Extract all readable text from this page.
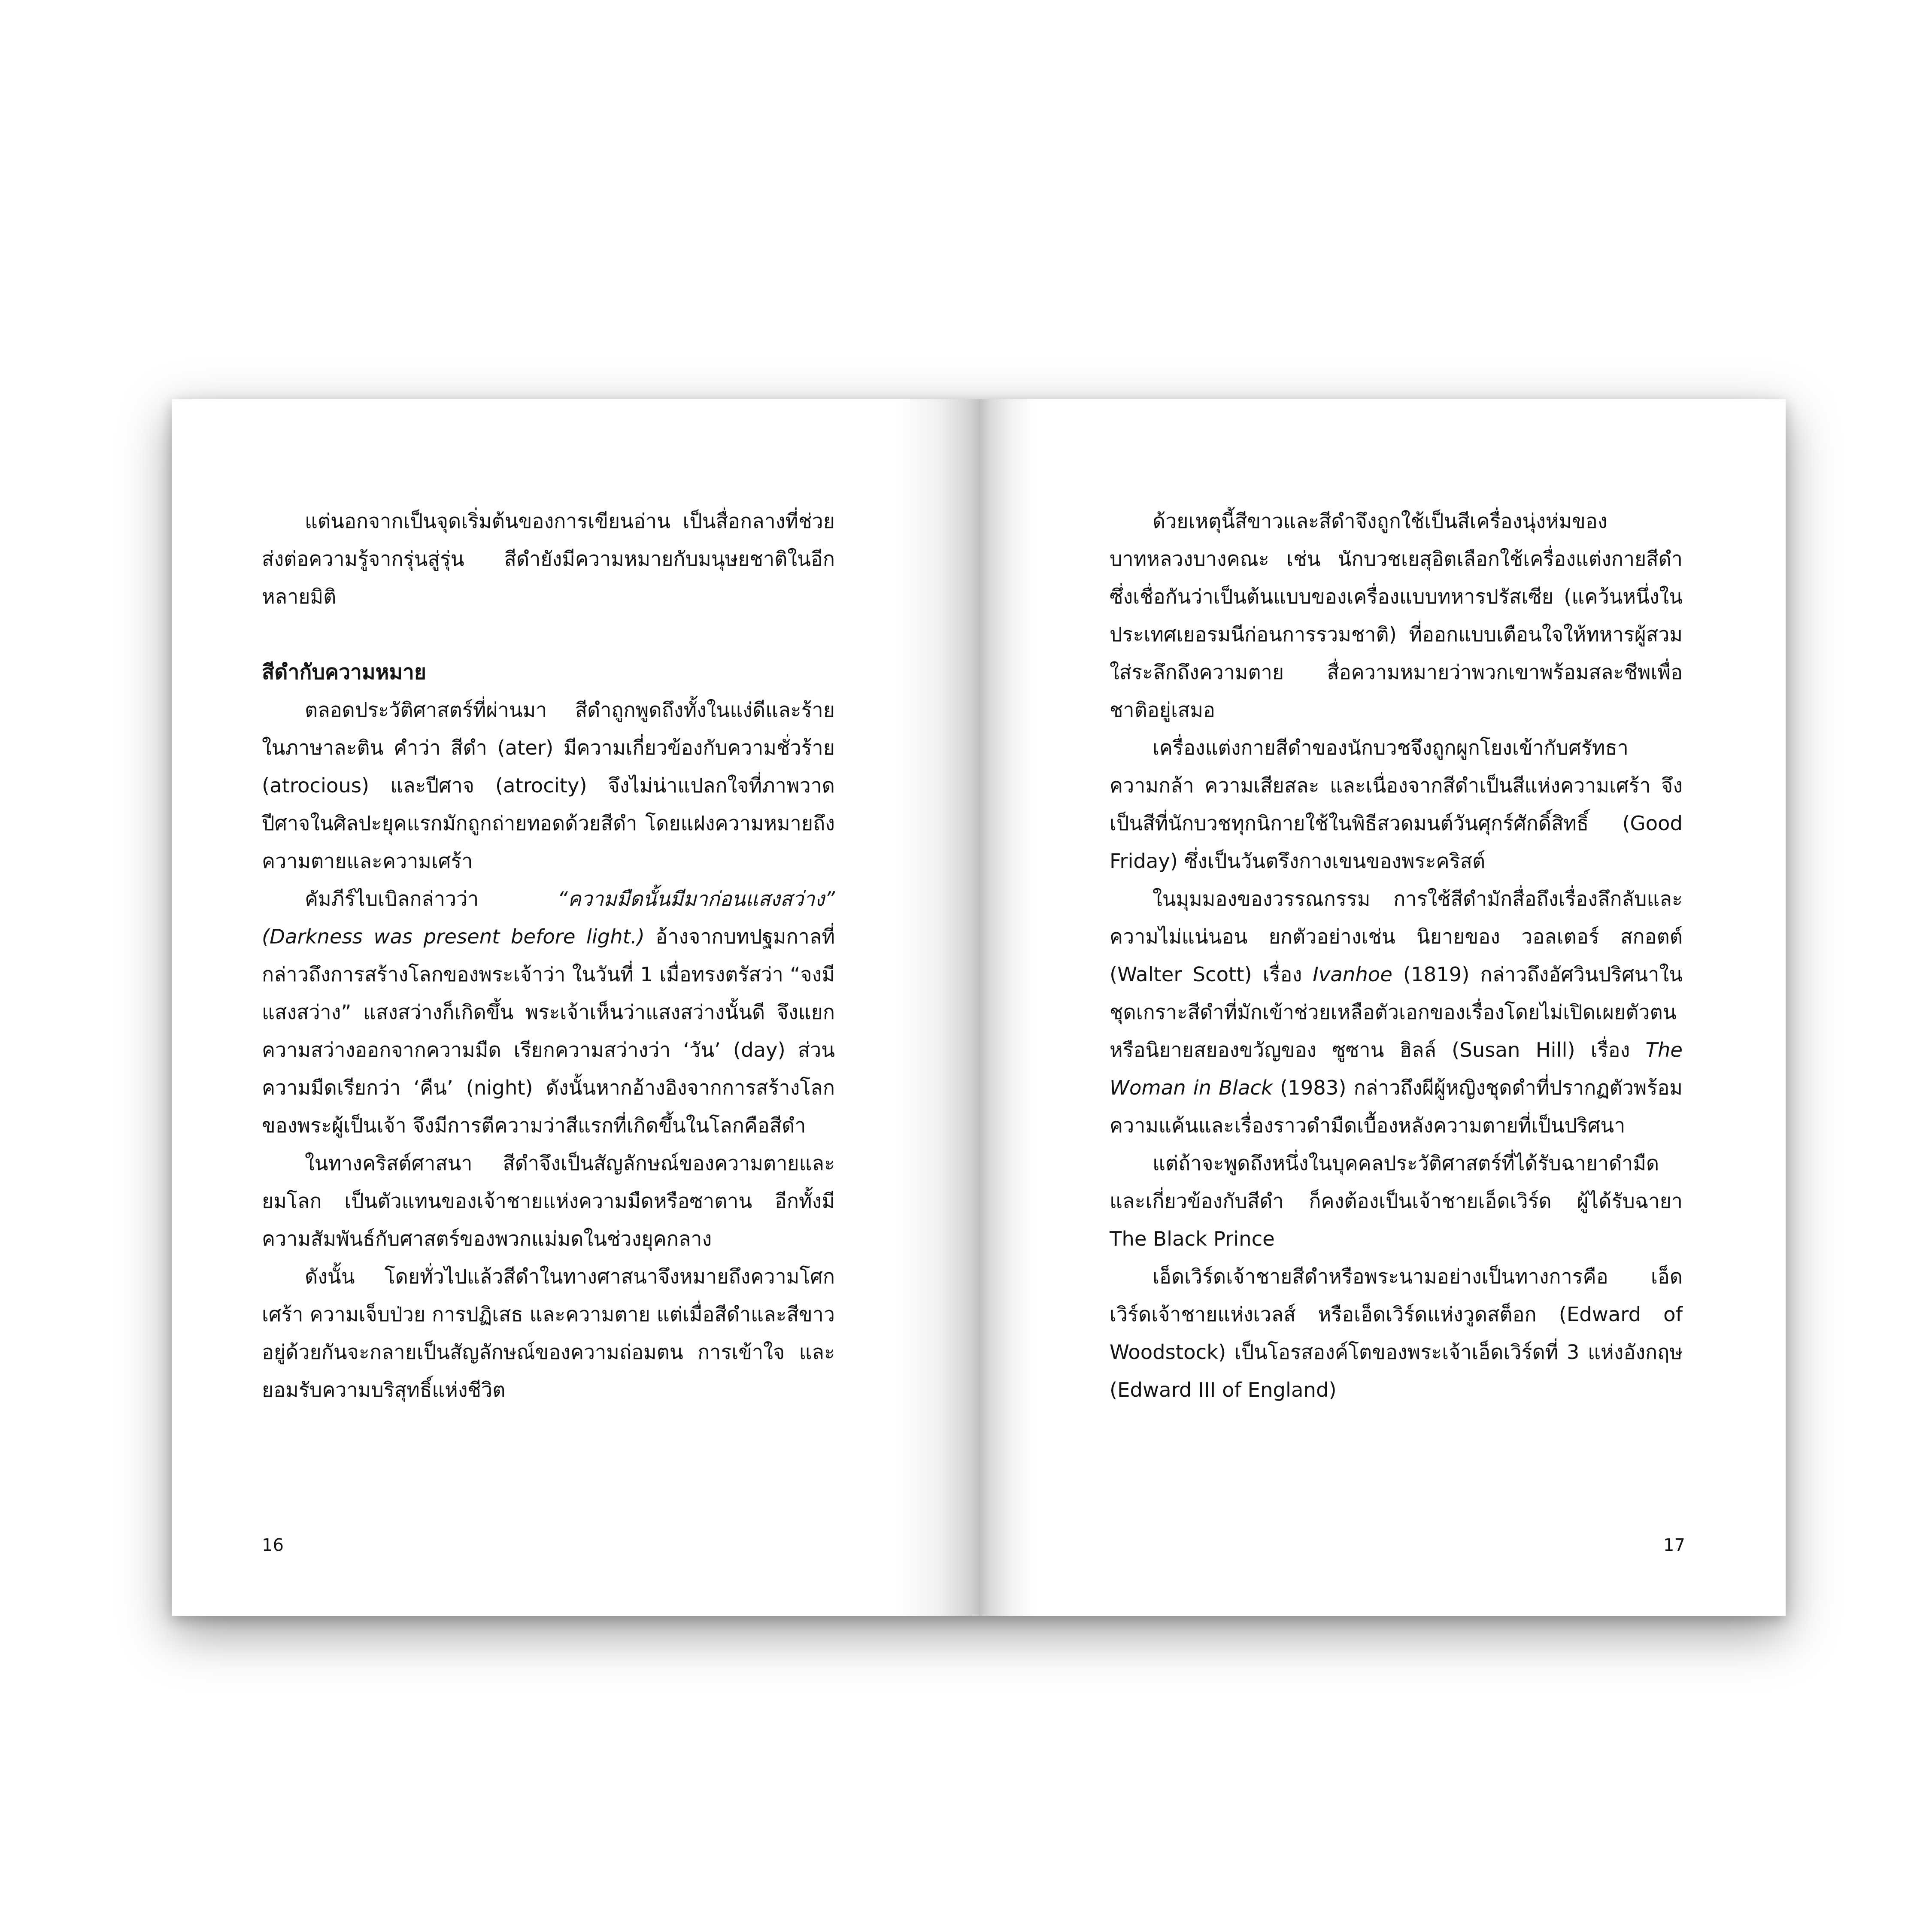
แต่นอกจากเป็นจุดเริ่มต้นของการเขียนอ่าน เป็นสื่อกลางที่ช่วยส่งต่อความรู้จากรุ่นสู่รุ่น สีดำยังมีความหมายกับมนุษยชาติในอีกหลายมิติ

สีดำกับความหมาย

ตลอดประวัติศาสตร์ที่ผ่านมา สีดำถูกพูดถึงทั้งในแง่ดีและร้าย ในภาษาละติน คำว่า สีดำ (ater) มีความเกี่ยวข้องกับความชั่วร้าย (atrocious) และปีศาจ (atrocity) จึงไม่น่าแปลกใจที่ภาพวาดปีศาจในศิลปะยุคแรกมักถูกถ่ายทอดด้วยสีดำ โดยแฝงความหมายถึงความตายและความเศร้า

คัมภีร์ไบเบิลกล่าวว่า “ความมืดนั้นมีมาก่อนแสงสว่าง” (Darkness was present before light.) อ้างจากบทปฐมกาลที่กล่าวถึงการสร้างโลกของพระเจ้าว่า ในวันที่ 1 เมื่อทรงตรัสว่า “จงมีแสงสว่าง” แสงสว่างก็เกิดขึ้น พระเจ้าเห็นว่าแสงสว่างนั้นดี จึงแยกความสว่างออกจากความมืด เรียกความสว่างว่า ‘วัน’ (day) ส่วนความมืดเรียกว่า ‘คืน’ (night) ดังนั้นหากอ้างอิงจากการสร้างโลกของพระผู้เป็นเจ้า จึงมีการตีความว่าสีแรกที่เกิดขึ้นในโลกคือสีดำ

ในทางคริสต์ศาสนา สีดำจึงเป็นสัญลักษณ์ของความตายและยมโลก เป็นตัวแทนของเจ้าชายแห่งความมืดหรือซาตาน อีกทั้งมีความสัมพันธ์กับศาสตร์ของพวกแม่มดในช่วงยุคกลาง

ดังนั้น โดยทั่วไปแล้วสีดำในทางศาสนาจึงหมายถึงความโศกเศร้า ความเจ็บป่วย การปฏิเสธ และความตาย แต่เมื่อสีดำและสีขาวอยู่ด้วยกันจะกลายเป็นสัญลักษณ์ของความถ่อมตน การเข้าใจ และยอมรับความบริสุทธิ์แห่งชีวิต

16

ด้วยเหตุนี้สีขาวและสีดำจึงถูกใช้เป็นสีเครื่องนุ่งห่มของบาทหลวงบางคณะ เช่น นักบวชเยสุอิตเลือกใช้เครื่องแต่งกายสีดำ ซึ่งเชื่อกันว่าเป็นต้นแบบของเครื่องแบบทหารปรัสเซีย (แคว้นหนึ่งในประเทศเยอรมนีก่อนการรวมชาติ) ที่ออกแบบเตือนใจให้ทหารผู้สวมใส่ระลึกถึงความตาย สื่อความหมายว่าพวกเขาพร้อมสละชีพเพื่อชาติอยู่เสมอ

เครื่องแต่งกายสีดำของนักบวชจึงถูกผูกโยงเข้ากับศรัทธา ความกล้า ความเสียสละ และเนื่องจากสีดำเป็นสีแห่งความเศร้า จึงเป็นสีที่นักบวชทุกนิกายใช้ในพิธีสวดมนต์วันศุกร์ศักดิ์สิทธิ์ (Good Friday) ซึ่งเป็นวันตรึงกางเขนของพระคริสต์

ในมุมมองของวรรณกรรม การใช้สีดำมักสื่อถึงเรื่องลึกลับและความไม่แน่นอน ยกตัวอย่างเช่น นิยายของ วอลเตอร์ สกอตต์ (Walter Scott) เรื่อง Ivanhoe (1819) กล่าวถึงอัศวินปริศนาในชุดเกราะสีดำที่มักเข้าช่วยเหลือตัวเอกของเรื่องโดยไม่เปิดเผยตัวตน หรือนิยายสยองขวัญของ ซูซาน ฮิลล์ (Susan Hill) เรื่อง The Woman in Black (1983) กล่าวถึงผีผู้หญิงชุดดำที่ปรากฏตัวพร้อมความแค้นและเรื่องราวดำมืดเบื้องหลังความตายที่เป็นปริศนา

แต่ถ้าจะพูดถึงหนึ่งในบุคคลประวัติศาสตร์ที่ได้รับฉายาดำมืดและเกี่ยวข้องกับสีดำ ก็คงต้องเป็นเจ้าชายเอ็ดเวิร์ด ผู้ได้รับฉายา The Black Prince

เอ็ดเวิร์ดเจ้าชายสีดำหรือพระนามอย่างเป็นทางการคือ เอ็ดเวิร์ดเจ้าชายแห่งเวลส์ หรือเอ็ดเวิร์ดแห่งวูดสต็อก (Edward of Woodstock) เป็นโอรสองค์โตของพระเจ้าเอ็ดเวิร์ดที่ 3 แห่งอังกฤษ (Edward III of England)

17
